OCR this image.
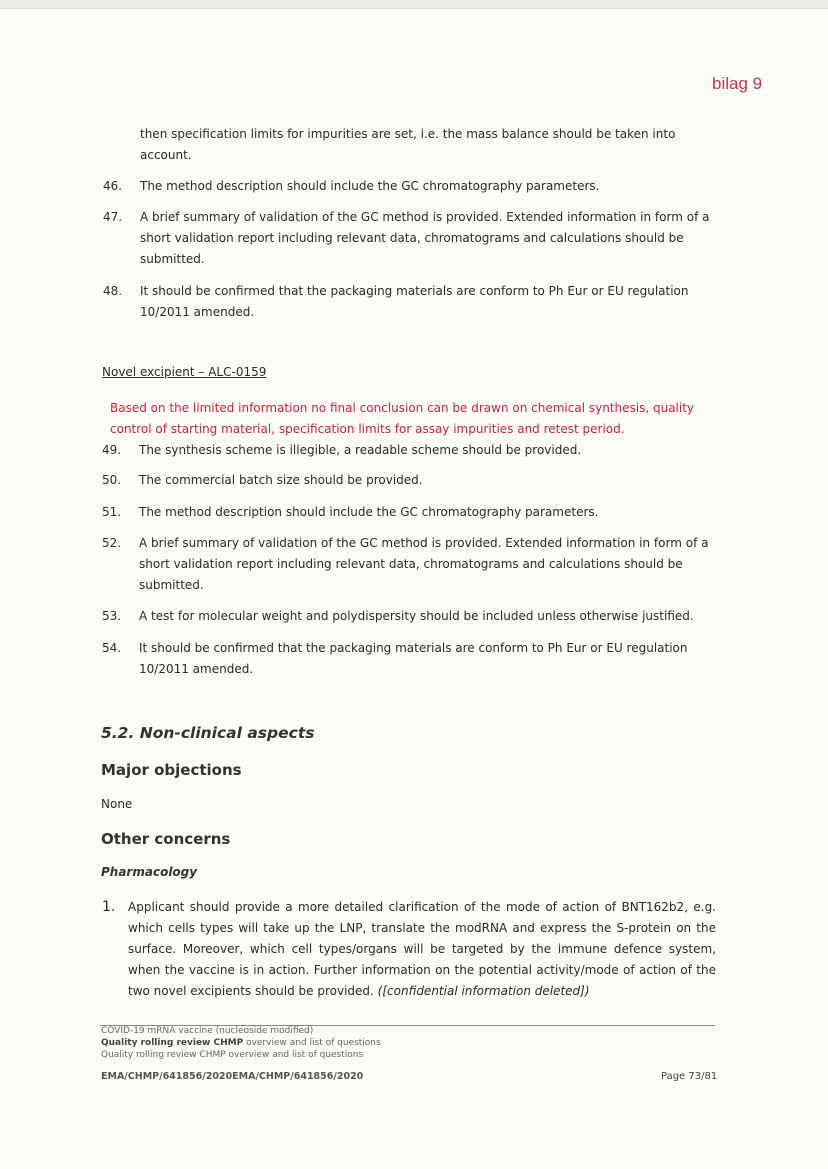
bilag 9

then specification limits for impurities are set, i.e. the mass balance should be taken into account.

46. The method description should include the GC chromatography parameters.

47. A brief summary of validation of the GC method is provided. Extended information in form of a short validation report including relevant data, chromatograms and calculations should be submitted.

48. It should be confirmed that the packaging materials are conform to Ph Eur or EU regulation 10/2011 amended.

Novel excipient – ALC-0159

Based on the limited information no final conclusion can be drawn on chemical synthesis, quality control of starting material, specification limits for assay impurities and retest period.

49. The synthesis scheme is illegible, a readable scheme should be provided.

50. The commercial batch size should be provided.

51. The method description should include the GC chromatography parameters.

52. A brief summary of validation of the GC method is provided. Extended information in form of a short validation report including relevant data, chromatograms and calculations should be submitted.

53. A test for molecular weight and polydispersity should be included unless otherwise justified.

54. It should be confirmed that the packaging materials are conform to Ph Eur or EU regulation 10/2011 amended.

5.2. Non-clinical aspects
Major objections
None
Other concerns
Pharmacology
1. Applicant should provide a more detailed clarification of the mode of action of BNT162b2, e.g. which cells types will take up the LNP, translate the modRNA and express the S-protein on the surface. Moreover, which cell types/organs will be targeted by the immune defence system, when the vaccine is in action. Further information on the potential activity/mode of action of the two novel excipients should be provided. ([confidential information deleted])

COVID-19 mRNA vaccine (nucleoside modified)
Quality rolling review CHMP overview and list of questions
Quality rolling review CHMP overview and list of questions
EMA/CHMP/641856/2020EMA/CHMP/641856/2020	Page 73/81
